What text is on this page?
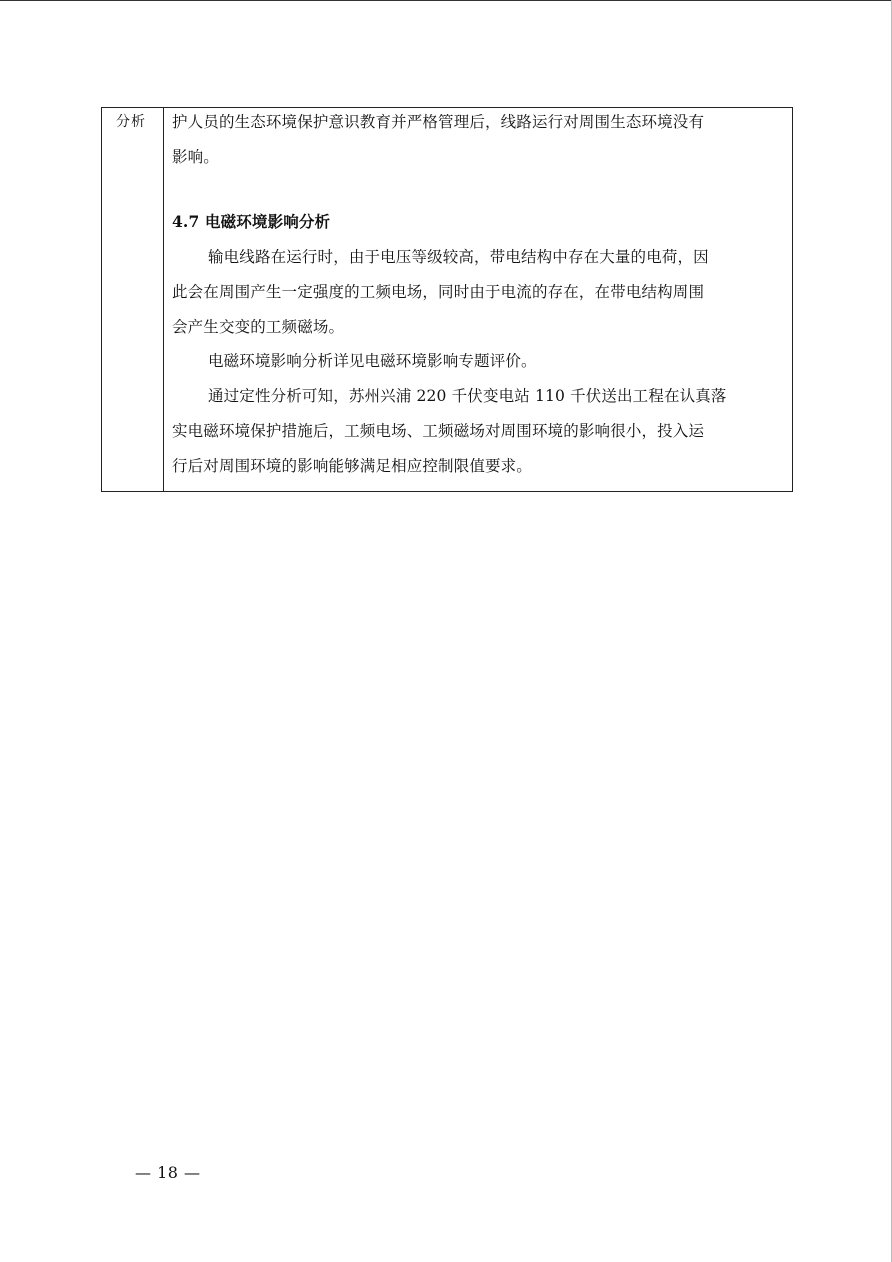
分析 护人员的生态环境保护意识教育并严格管理后，线路运行对周围生态环境没有
影响。
4.7 电磁环境影响分析
输电线路在运行时，由于电压等级较高，带电结构中存在大量的电荷，因
此会在周围产生一定强度的工频电场，同时由于电流的存在，在带电结构周围
会产生交变的工频磁场。
电磁环境影响分析详见电磁环境影响专题评价。
通过定性分析可知，苏州兴浦 220 千伏变电站 110 千伏送出工程在认真落
实电磁环境保护措施后，工频电场、工频磁场对周围环境的影响很小，投入运
行后对周围环境的影响能够满足相应控制限值要求。
— 18 —
